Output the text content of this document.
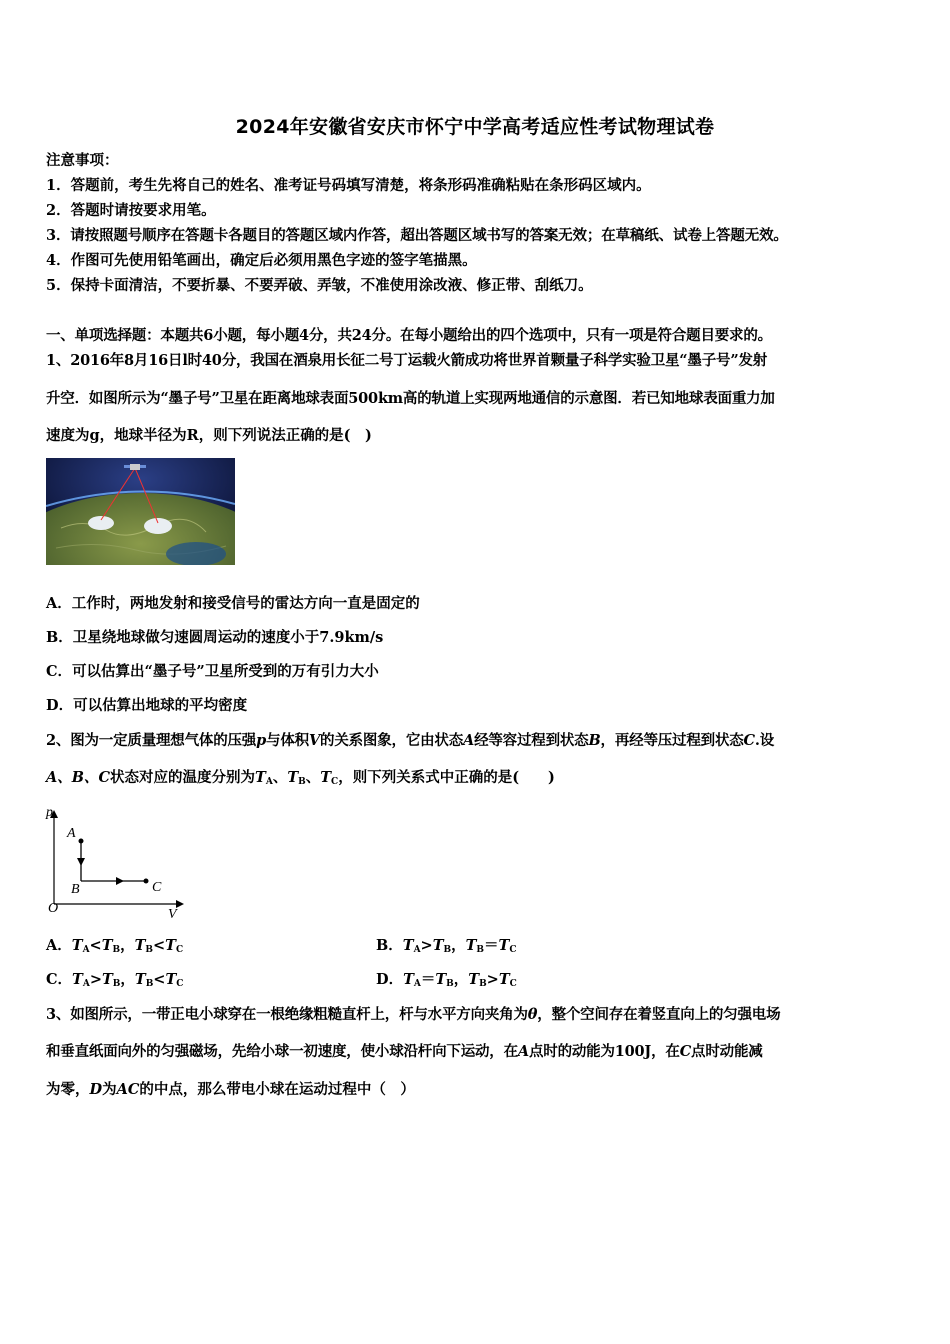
2024年安徽省安庆市怀宁中学高考适应性考试物理试卷
注意事项：
1．答题前，考生先将自己的姓名、准考证号码填写清楚，将条形码准确粘贴在条形码区域内。
2．答题时请按要求用笔。
3．请按照题号顺序在答题卡各题目的答题区域内作答，超出答题区域书写的答案无效；在草稿纸、试卷上答题无效。
4．作图可先使用铅笔画出，确定后必须用黑色字迹的签字笔描黑。
5．保持卡面清洁，不要折暴、不要弄破、弄皱，不准使用涂改液、修正带、刮纸刀。
一、单项选择题：本题共6小题，每小题4分，共24分。在每小题给出的四个选项中，只有一项是符合题目要求的。
1、2016年8月16日l时40分，我国在酒泉用长征二号丁运载火箭成功将世界首颗量子科学实验卫星“墨子号”发射
升空．如图所示为“墨子号”卫星在距离地球表面500km高的轨道上实现两地通信的示意图．若已知地球表面重力加
速度为g，地球半径为R，则下列说法正确的是(　)
A．工作时，两地发射和接受信号的雷达方向一直是固定的
B．卫星绕地球做匀速圆周运动的速度小于7.9km/s
C．可以估算出“墨子号”卫星所受到的万有引力大小
D．可以估算出地球的平均密度
2、图为一定质量理想气体的压强p与体积V的关系图象，它由状态A经等容过程到状态B，再经等压过程到状态C.设
A、B、C状态对应的温度分别为$T_A$、$T_B$、$T_C$，则下列关系式中正确的是(　　)
p
O	V
A
B	C
A．$T_A<T_B$，$T_B<T_C$	B．$T_A>T_B$，$T_B=T_C$
C．$T_A>T_B$，$T_B<T_C$	D．$T_A=T_B$，$T_B>T_C$
3、如图所示，一带正电小球穿在一根绝缘粗糙直杆上，杆与水平方向夹角为θ，整个空间存在着竖直向上的匀强电场
和垂直纸面向外的匀强磁场，先给小球一初速度，使小球沿杆向下运动，在A点时的动能为100J，在C点时动能减
为零，D为AC的中点，那么带电小球在运动过程中（　）
